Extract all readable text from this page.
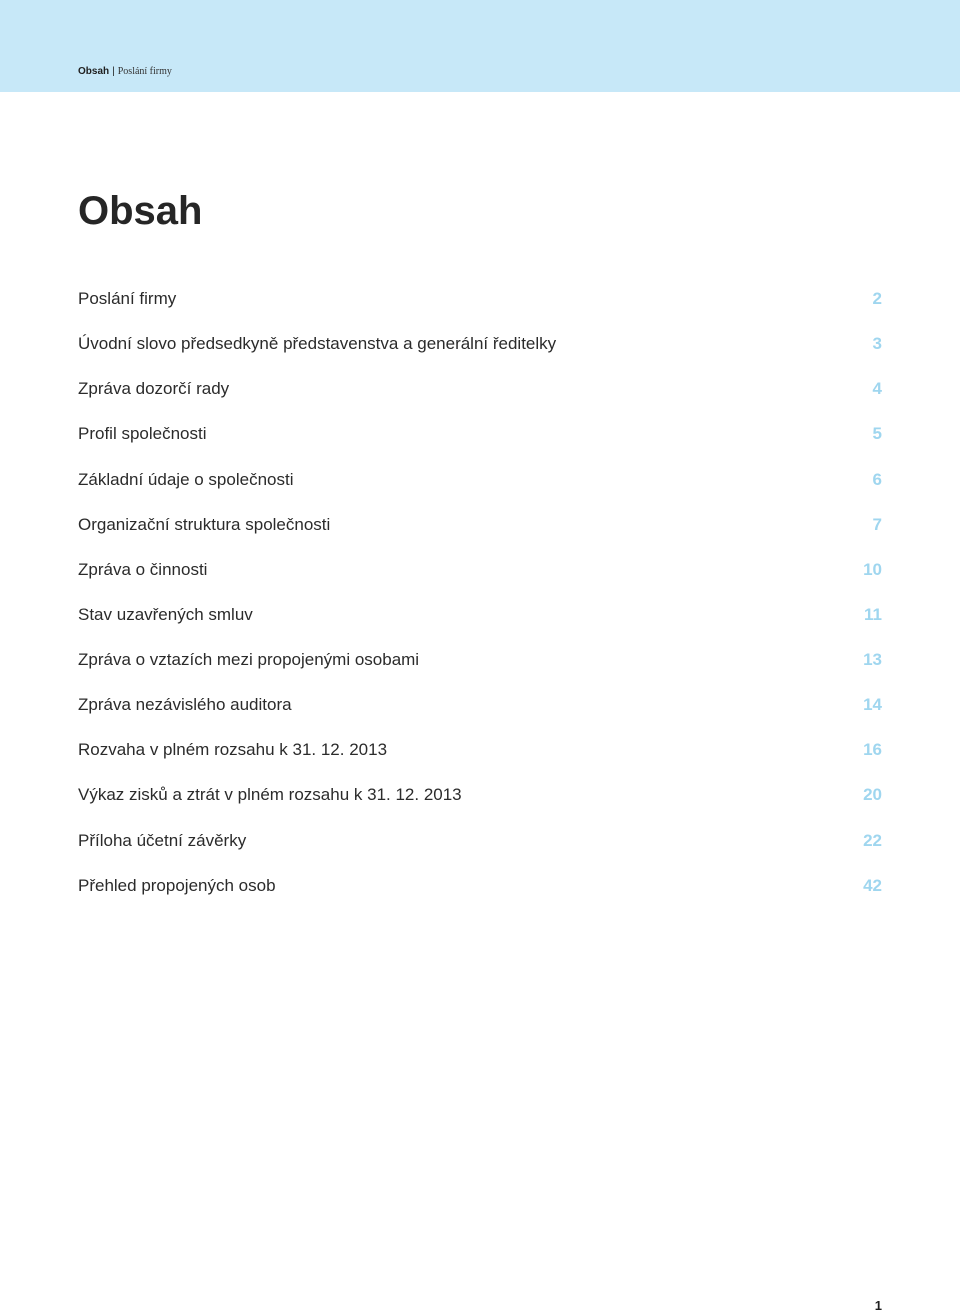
Obsah | Poslání firmy
Obsah
Poslání firmy	2
Úvodní slovo předsedkyně představenstva a generální ředitelky	3
Zpráva dozorčí rady	4
Profil společnosti	5
Základní údaje o společnosti	6
Organizační struktura společnosti	7
Zpráva o činnosti	10
Stav uzavřených smluv	11
Zpráva o vztazích mezi propojenými osobami	13
Zpráva nezávislého auditora	14
Rozvaha v plném rozsahu k 31. 12. 2013	16
Výkaz zisků a ztrát v plném rozsahu k 31. 12. 2013	20
Příloha účetní závěrky	22
Přehled propojených osob	42
1
